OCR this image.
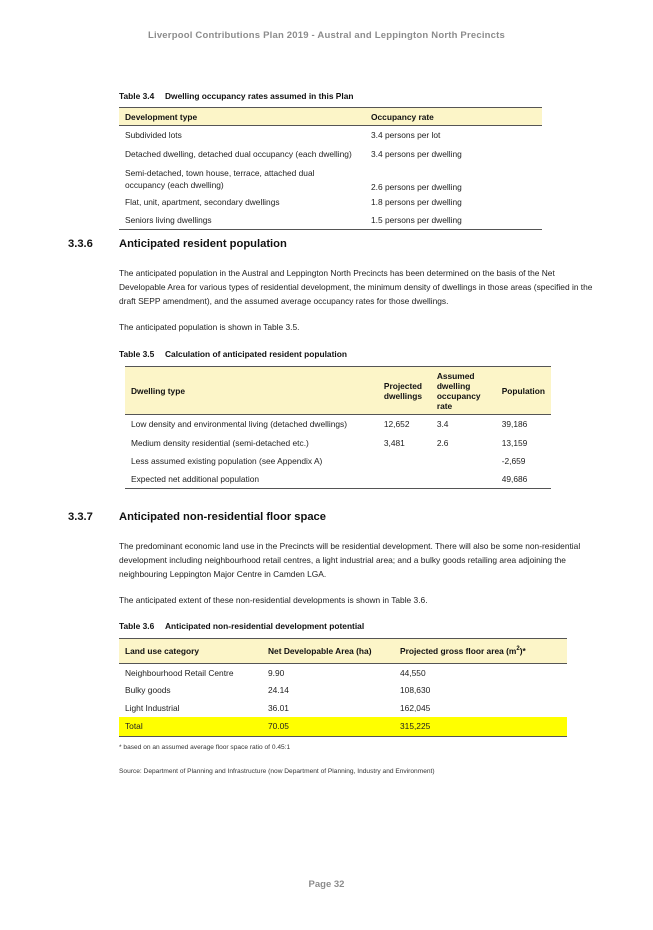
Liverpool Contributions Plan 2019 - Austral and Leppington North Precincts
Table 3.4 Dwelling occupancy rates assumed in this Plan
Development type	Occupancy rate
Subdivided lots	3.4 persons per lot
Detached dwelling, detached dual occupancy (each dwelling)	3.4 persons per dwelling
Semi-detached, town house, terrace, attached dual
occupancy (each dwelling)	2.6 persons per dwelling
Flat, unit, apartment, secondary dwellings	1.8 persons per dwelling
Seniors living dwellings	1.5 persons per dwelling
3.3.6 Anticipated resident population
The anticipated population in the Austral and Leppington North Precincts has been determined on the basis of the Net Developable Area for various types of residential development, the minimum density of dwellings in those areas (specified in the draft SEPP amendment), and the assumed average occupancy rates for those dwellings.
The anticipated population is shown in Table 3.5.
Table 3.5 Calculation of anticipated resident population
Dwelling type	Projected dwellings	Assumed dwelling occupancy rate	Population
Low density and environmental living (detached dwellings)	12,652	3.4	39,186
Medium density residential (semi-detached etc.)	3,481	2.6	13,159
Less assumed existing population (see Appendix A)			-2,659
Expected net additional population			49,686
3.3.7 Anticipated non-residential floor space
The predominant economic land use in the Precincts will be residential development. There will also be some non-residential development including neighbourhood retail centres, a light industrial area; and a bulky goods retailing area adjoining the neighbouring Leppington Major Centre in Camden LGA.
The anticipated extent of these non-residential developments is shown in Table 3.6.
Table 3.6 Anticipated non-residential development potential
Land use category	Net Developable Area (ha)	Projected gross floor area $(m^2)*$
Neighbourhood Retail Centre	9.90	44,550
Bulky goods	24.14	108,630
Light Industrial	36.01	162,045
Total	70.05	315,225
* based on an assumed average floor space ratio of 0.45:1
Source: Department of Planning and Infrastructure (now Department of Planning, Industry and Environment)
Page 32
